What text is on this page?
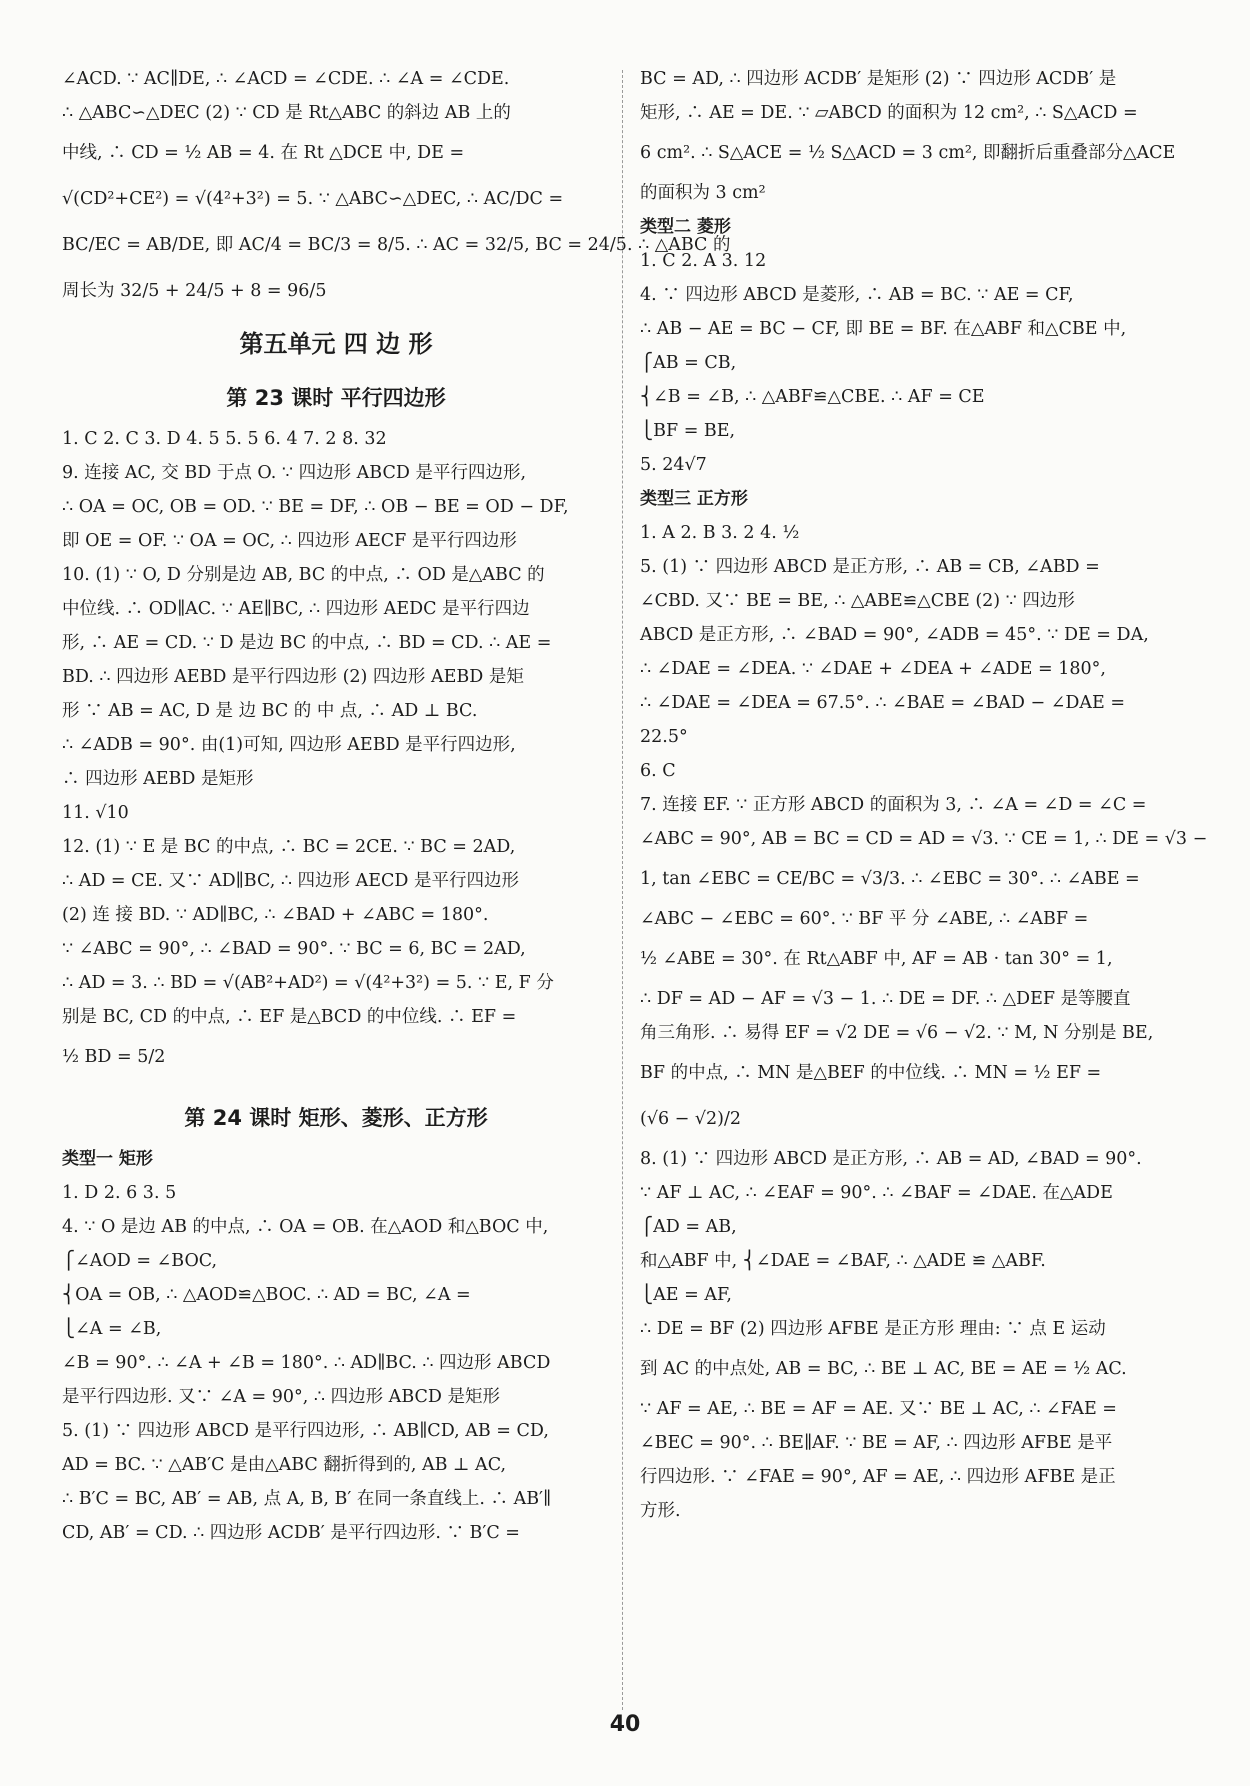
∠ACD. ∵ AC∥DE, ∴ ∠ACD = ∠CDE. ∴ ∠A = ∠CDE.
∴ △ABC∽△DEC (2) ∵ CD 是 Rt△ABC 的斜边 AB 上的
中线, ∴ CD = ½ AB = 4. 在 Rt △DCE 中, DE =
√(CD²+CE²) = √(4²+3²) = 5. ∵ △ABC∽△DEC, ∴ AC/DC =
BC/EC = AB/DE, 即 AC/4 = BC/3 = 8/5. ∴ AC = 32/5, BC = 24/5. ∴ △ABC 的
周长为 32/5 + 24/5 + 8 = 96/5
第五单元 四 边 形
第 23 课时 平行四边形
1. C 2. C 3. D 4. 5 5. 5 6. 4 7. 2 8. 32
9. 连接 AC, 交 BD 于点 O. ∵ 四边形 ABCD 是平行四边形,
∴ OA = OC, OB = OD. ∵ BE = DF, ∴ OB − BE = OD − DF,
即 OE = OF. ∵ OA = OC, ∴ 四边形 AECF 是平行四边形
10. (1) ∵ O, D 分别是边 AB, BC 的中点, ∴ OD 是△ABC 的
中位线. ∴ OD∥AC. ∵ AE∥BC, ∴ 四边形 AEDC 是平行四边
形, ∴ AE = CD. ∵ D 是边 BC 的中点, ∴ BD = CD. ∴ AE =
BD. ∴ 四边形 AEBD 是平行四边形 (2) 四边形 AEBD 是矩
形 ∵ AB = AC, D 是 边 BC 的 中 点, ∴ AD ⊥ BC.
∴ ∠ADB = 90°. 由(1)可知, 四边形 AEBD 是平行四边形,
∴ 四边形 AEBD 是矩形
11. √10
12. (1) ∵ E 是 BC 的中点, ∴ BC = 2CE. ∵ BC = 2AD,
∴ AD = CE. 又∵ AD∥BC, ∴ 四边形 AECD 是平行四边形
(2) 连 接 BD. ∵ AD∥BC, ∴ ∠BAD + ∠ABC = 180°.
∵ ∠ABC = 90°, ∴ ∠BAD = 90°. ∵ BC = 6, BC = 2AD,
∴ AD = 3. ∴ BD = √(AB²+AD²) = √(4²+3²) = 5. ∵ E, F 分
别是 BC, CD 的中点, ∴ EF 是△BCD 的中位线. ∴ EF =
½ BD = 5/2
第 24 课时 矩形、菱形、正方形
类型一 矩形
1. D 2. 6 3. 5
4. ∵ O 是边 AB 的中点, ∴ OA = OB. 在△AOD 和△BOC 中,
⎧∠AOD = ∠BOC,
⎨OA = OB, ∴ △AOD≌△BOC. ∴ AD = BC, ∠A =
⎩∠A = ∠B,
∠B = 90°. ∴ ∠A + ∠B = 180°. ∴ AD∥BC. ∴ 四边形 ABCD
是平行四边形. 又∵ ∠A = 90°, ∴ 四边形 ABCD 是矩形
5. (1) ∵ 四边形 ABCD 是平行四边形, ∴ AB∥CD, AB = CD,
AD = BC. ∵ △AB′C 是由△ABC 翻折得到的, AB ⊥ AC,
∴ B′C = BC, AB′ = AB, 点 A, B, B′ 在同一条直线上. ∴ AB′∥
CD, AB′ = CD. ∴ 四边形 ACDB′ 是平行四边形. ∵ B′C =
BC = AD, ∴ 四边形 ACDB′ 是矩形 (2) ∵ 四边形 ACDB′ 是
矩形, ∴ AE = DE. ∵ ▱ABCD 的面积为 12 cm², ∴ S△ACD =
6 cm². ∴ S△ACE = ½ S△ACD = 3 cm², 即翻折后重叠部分△ACE
的面积为 3 cm²
类型二 菱形
1. C 2. A 3. 12
4. ∵ 四边形 ABCD 是菱形, ∴ AB = BC. ∵ AE = CF,
∴ AB − AE = BC − CF, 即 BE = BF. 在△ABF 和△CBE 中,
⎧AB = CB,
⎨∠B = ∠B, ∴ △ABF≌△CBE. ∴ AF = CE
⎩BF = BE,
5. 24√7
类型三 正方形
1. A 2. B 3. 2 4. ½
5. (1) ∵ 四边形 ABCD 是正方形, ∴ AB = CB, ∠ABD =
∠CBD. 又∵ BE = BE, ∴ △ABE≌△CBE (2) ∵ 四边形
ABCD 是正方形, ∴ ∠BAD = 90°, ∠ADB = 45°. ∵ DE = DA,
∴ ∠DAE = ∠DEA. ∵ ∠DAE + ∠DEA + ∠ADE = 180°,
∴ ∠DAE = ∠DEA = 67.5°. ∴ ∠BAE = ∠BAD − ∠DAE =
22.5°
6. C
7. 连接 EF. ∵ 正方形 ABCD 的面积为 3, ∴ ∠A = ∠D = ∠C =
∠ABC = 90°, AB = BC = CD = AD = √3. ∵ CE = 1, ∴ DE = √3 −
1, tan ∠EBC = CE/BC = √3/3. ∴ ∠EBC = 30°. ∴ ∠ABE =
∠ABC − ∠EBC = 60°. ∵ BF 平 分 ∠ABE, ∴ ∠ABF =
½ ∠ABE = 30°. 在 Rt△ABF 中, AF = AB · tan 30° = 1,
∴ DF = AD − AF = √3 − 1. ∴ DE = DF. ∴ △DEF 是等腰直
角三角形. ∴ 易得 EF = √2 DE = √6 − √2. ∵ M, N 分别是 BE,
BF 的中点, ∴ MN 是△BEF 的中位线. ∴ MN = ½ EF =
(√6 − √2)/2
8. (1) ∵ 四边形 ABCD 是正方形, ∴ AB = AD, ∠BAD = 90°.
∵ AF ⊥ AC, ∴ ∠EAF = 90°. ∴ ∠BAF = ∠DAE. 在△ADE
⎧AD = AB,
和△ABF 中, ⎨∠DAE = ∠BAF, ∴ △ADE ≌ △ABF.
⎩AE = AF,
∴ DE = BF (2) 四边形 AFBE 是正方形 理由: ∵ 点 E 运动
到 AC 的中点处, AB = BC, ∴ BE ⊥ AC, BE = AE = ½ AC.
∵ AF = AE, ∴ BE = AF = AE. 又∵ BE ⊥ AC, ∴ ∠FAE =
∠BEC = 90°. ∴ BE∥AF. ∵ BE = AF, ∴ 四边形 AFBE 是平
行四边形. ∵ ∠FAE = 90°, AF = AE, ∴ 四边形 AFBE 是正
方形.
40
